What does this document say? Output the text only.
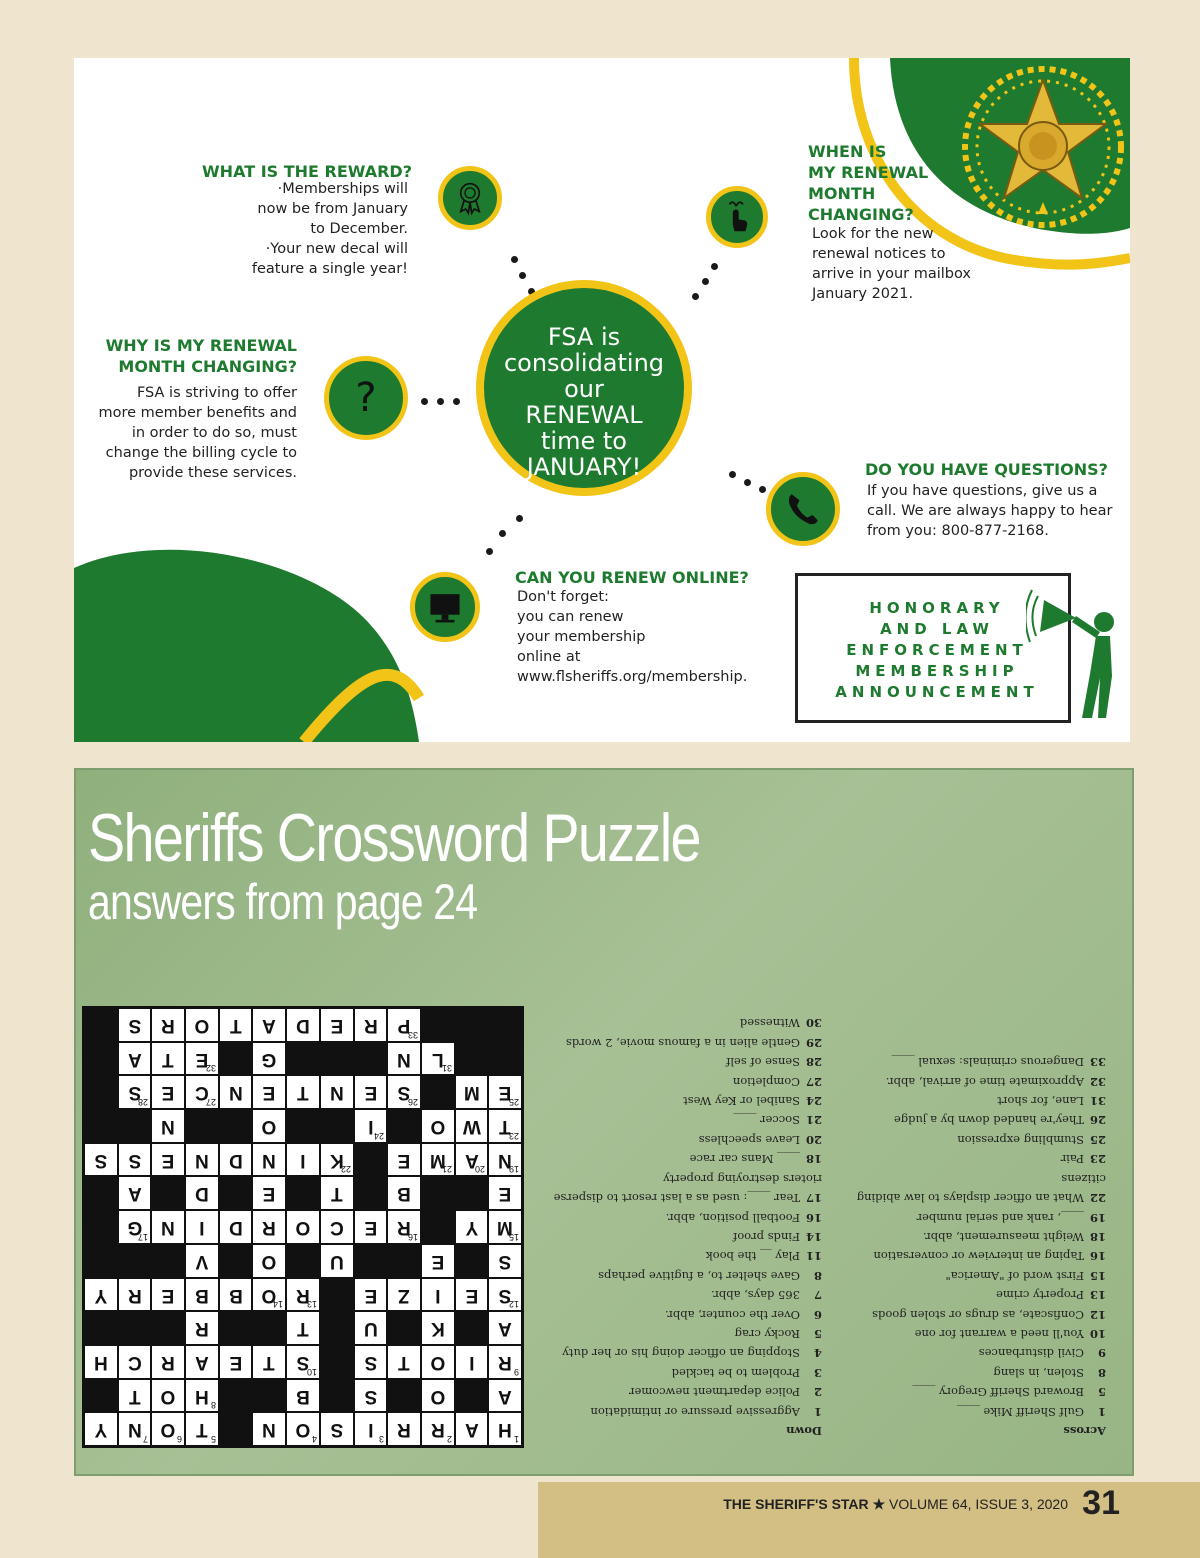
FSA is
consolidating
our
RENEWAL
time to
JANUARY!
WHAT IS THE REWARD?
·Memberships will
now be from January
to December.
·Your new decal will
feature a single year!
?
WHY IS MY RENEWAL
MONTH CHANGING?
FSA is striving to offer
more member benefits and
in order to do so, must
change the billing cycle to
provide these services.
WHEN IS
MY RENEWAL
MONTH
CHANGING?
Look for the new
renewal notices to
arrive in your mailbox
January 2021.
DO YOU HAVE QUESTIONS?
If you have questions, give us a
call. We are always happy to hear
from you: 800-877-2168.
CAN YOU RENEW ONLINE?
Don't forget:
you can renew
your membership
online at
www.flsheriffs.org/membership.
HONORARY
AND LAW
ENFORCEMENT
MEMBERSHIP
ANNOUNCEMENT
Sheriffs Crossword Puzzle
answers from page 24
H 1
A
R 2
R
I 3
S
O 4
N
T 5
O 6
N 7
Y
A
O
S
B
H 8
O
T
R 9
I
O
T
S
S
10
T
E
A
R
C
H
A
K
U
T
R
S
12
E
I
Z
E
R
13
O
14
B
B
E
R
Y
S
E
U
O
V
M
15
Y
R
16
E
C
O
R
D
I
N
G
17
E
B
T
E
D
A
N
19
A
20
M
21
E
K
22
I
N
D
N
E
S
S
T
23
W
O
I 24
O
N
E
25
M
S
26
E
N
T
E
N
C
27
E
S
28
L
31
N
G
E
32
T
A
P
33
R
E
D
A
T
O
R
S
Across
1Gulf Sheriff Mike ____
5Broward Sheriff Gregory ____
8Stolen, in slang
9Civil disturbances
10You'll need a warrant for one
12Confiscate, as drugs or stolen goods
13Property crime
15First word of "America"
16Taping an interview or conversation
18Weight measurement, abbr.
19____, rank and serial number
22What an officer displays to law abiding citizens
23Pair
25Stumbling expression
26They're handed down by a judge
31Lane, for short
32Approximate time of arrival, abbr.
33Dangerous criminals: sexual ____
Down
1Aggressive pressure or intimidation
2Police department newcomer
3Problem to be tackled
4Stopping an officer doing his or her duty
5Rocky crag
6Over the counter, abbr.
7365 days, abbr.
8Gave shelter to, a fugitive perhaps
11Play __ the book
14Finds proof
16Football position, abbr.
17Tear ____: used as a last resort to disperse rioters destroying property
18____ Mans car race
20Leave speechless
21Soccer ____
24Sanibel or Key West
27Completion
28Sense of self
29Gentle alien in a famous movie, 2 words
30Witnessed
THE SHERIFF'S STAR ★ VOLUME 64, ISSUE 3, 2020 31
